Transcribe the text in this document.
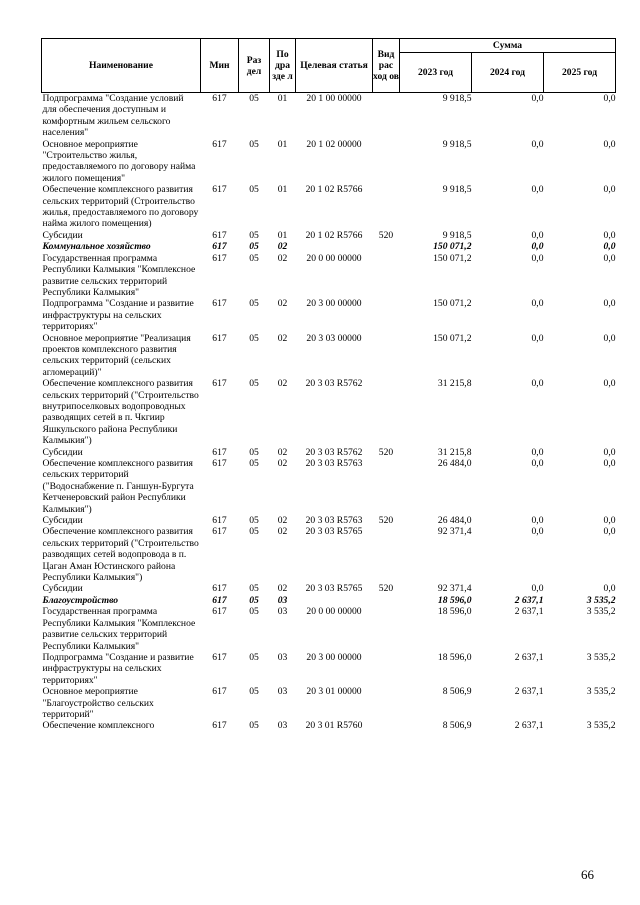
Наименование	Мин	Раз дел	По дра зде л	Целевая статья	Вид рас ход ов	Сумма		
						2023 год	2024 год	2025 год
Подпрограмма "Создание условий для обеспечения доступным и комфортным жильем сельского населения"	617	05	01	20 1 00 00000		9 918,5	0,0	0,0
Основное мероприятие "Строительство жилья, предоставляемого по договору найма жилого помещения"	617	05	01	20 1 02 00000		9 918,5	0,0	0,0
Обеспечение комплексного развития сельских территорий (Строительство жилья, предоставляемого по договору найма жилого помещения)	617	05	01	20 1 02 R5766		9 918,5	0,0	0,0
Субсидии	617	05	01	20 1 02 R5766	520	9 918,5	0,0	0,0
Коммунальное хозяйство	617	05	02			150 071,2	0,0	0,0
Государственная программа Республики Калмыкия "Комплексное развитие сельских территорий Республики Калмыкия"	617	05	02	20 0 00 00000		150 071,2	0,0	0,0
Подпрограмма "Создание и развитие инфраструктуры на сельских территориях"	617	05	02	20 3 00 00000		150 071,2	0,0	0,0
Основное мероприятие "Реализация проектов комплексного развития сельских территорий (сельских агломераций)"	617	05	02	20 3 03 00000		150 071,2	0,0	0,0
Обеспечение комплексного развития сельских территорий ("Строительство внутрипоселковых водопроводных разводящих сетей в п. Чкгиир Яшкульского района Республики Калмыкия")	617	05	02	20 3 03 R5762		31 215,8	0,0	0,0
Субсидии	617	05	02	20 3 03 R5762	520	31 215,8	0,0	0,0
Обеспечение комплексного развития сельских территорий ("Водоснабжение п. Ганшун-Бургута Кетченеровский район Республики Калмыкия")	617	05	02	20 3 03 R5763		26 484,0	0,0	0,0
Субсидии	617	05	02	20 3 03 R5763	520	26 484,0	0,0	0,0
Обеспечение комплексного развития сельских территорий ("Строительство разводящих сетей водопровода в п. Цаган Аман Юстинского района Республики Калмыкия")	617	05	02	20 3 03 R5765		92 371,4	0,0	0,0
Субсидии	617	05	02	20 3 03 R5765	520	92 371,4	0,0	0,0
Благоустройство	617	05	03			18 596,0	2 637,1	3 535,2
Государственная программа Республики Калмыкия "Комплексное развитие сельских территорий Республики Калмыкия"	617	05	03	20 0 00 00000		18 596,0	2 637,1	3 535,2
Подпрограмма "Создание и развитие инфраструктуры на сельских территориях"	617	05	03	20 3 00 00000		18 596,0	2 637,1	3 535,2
Основное мероприятие "Благоустройство сельских территорий"	617	05	03	20 3 01 00000		8 506,9	2 637,1	3 535,2
Обеспечение комплексного	617	05	03	20 3 01 R5760		8 506,9	2 637,1	3 535,2
66
